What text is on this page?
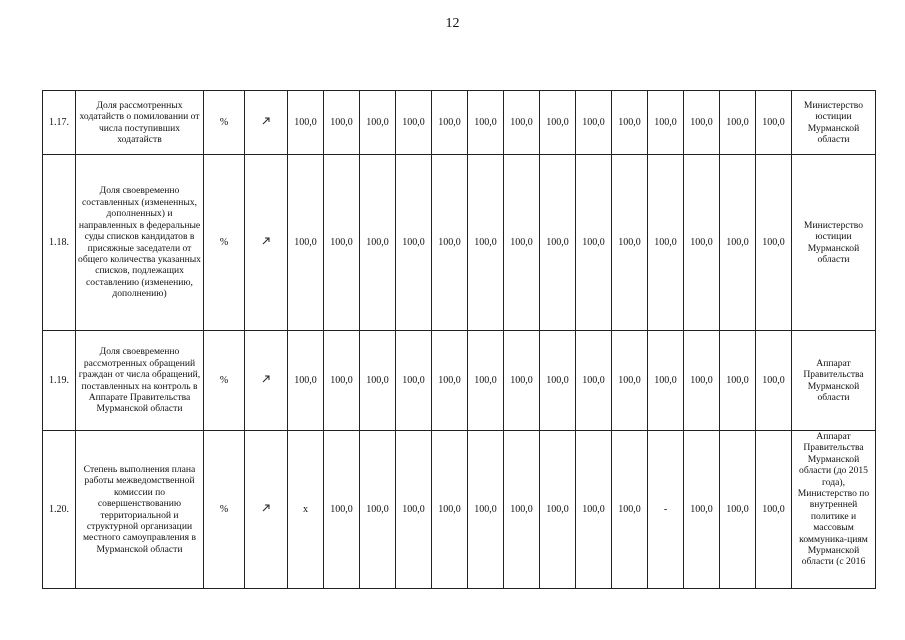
12
1.17.	Доля рассмотренных ходатайств о помиловании от числа поступивших ходатайств	%		100,0	100,0	100,0	100,0	100,0	100,0	100,0	100,0	100,0	100,0	100,0	100,0	100,0	100,0	Министерство юстиции Мурманской области
1.18.	Доля своевременно составленных (измененных, дополненных) и направленных в федеральные суды списков кандидатов в присяжные заседатели от общего количества указанных списков, подлежащих составлению (изменению, дополнению)	%		100,0	100,0	100,0	100,0	100,0	100,0	100,0	100,0	100,0	100,0	100,0	100,0	100,0	100,0	Министерство юстиции Мурманской области
1.19.	Доля своевременно рассмотренных обращений граждан от числа обращений, поставленных на контроль в Аппарате Правительства Мурманской области	%		100,0	100,0	100,0	100,0	100,0	100,0	100,0	100,0	100,0	100,0	100,0	100,0	100,0	100,0	Аппарат Правительства Мурманской области
1.20.	Степень выполнения плана работы межведомственной комиссии по совершенствованию территориальной и структурной организации местного самоуправления в Мурманской области	%		x	100,0	100,0	100,0	100,0	100,0	100,0	100,0	100,0	100,0	-	100,0	100,0	100,0	Аппарат Правительства Мурманской области (до 2015 года), Министерство по внутренней политике и массовым коммуника-циям Мурманской области (с 2016
